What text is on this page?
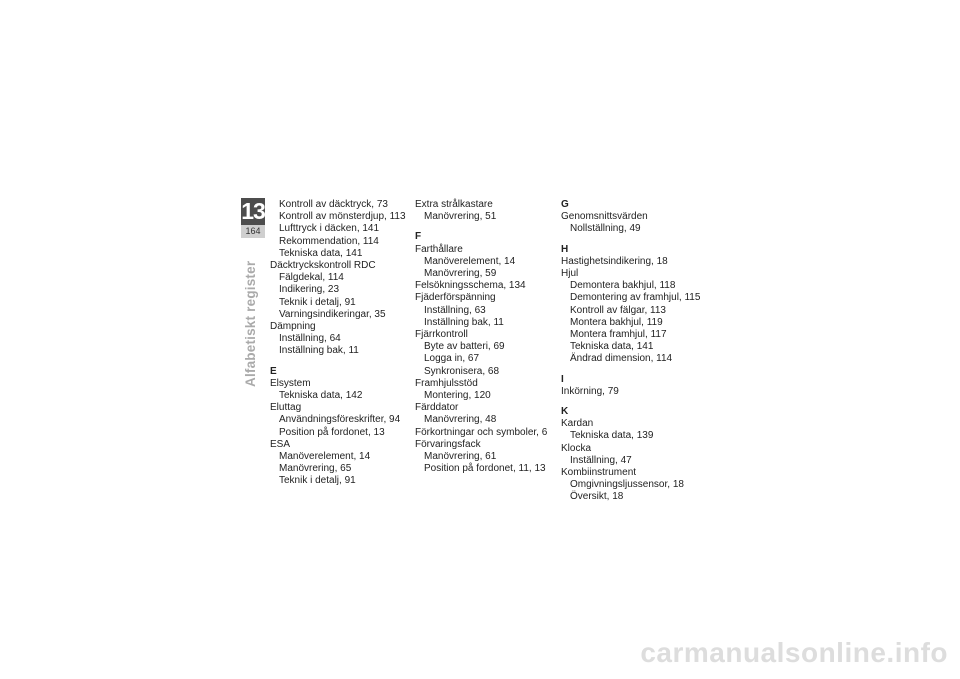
13
164
Alfabetiskt register
Kontroll av däcktryck, 73
Kontroll av mönsterdjup, 113
Lufttryck i däcken, 141
Rekommendation, 114
Tekniska data, 141
Däcktryckskontroll RDC
Fälgdekal, 114
Indikering, 23
Teknik i detalj, 91
Varningsindikeringar, 35
Dämpning
Inställning, 64
Inställning bak, 11
E
Elsystem
Tekniska data, 142
Eluttag
Användningsföreskrifter, 94
Position på fordonet, 13
ESA
Manöverelement, 14
Manövrering, 65
Teknik i detalj, 91
Extra strålkastare
Manövrering, 51
F
Farthållare
Manöverelement, 14
Manövrering, 59
Felsökningsschema, 134
Fjäderförspänning
Inställning, 63
Inställning bak, 11
Fjärrkontroll
Byte av batteri, 69
Logga in, 67
Synkronisera, 68
Framhjulsstöd
Montering, 120
Färddator
Manövrering, 48
Förkortningar och symboler, 6
Förvaringsfack
Manövrering, 61
Position på fordonet, 11, 13
G
Genomsnittsvärden
Nollställning, 49
H
Hastighetsindikering, 18
Hjul
Demontera bakhjul, 118
Demontering av framhjul, 115
Kontroll av fälgar, 113
Montera bakhjul, 119
Montera framhjul, 117
Tekniska data, 141
Ändrad dimension, 114
I
Inkörning, 79
K
Kardan
Tekniska data, 139
Klocka
Inställning, 47
Kombiinstrument
Omgivningsljussensor, 18
Översikt, 18
carmanualsonline.info
